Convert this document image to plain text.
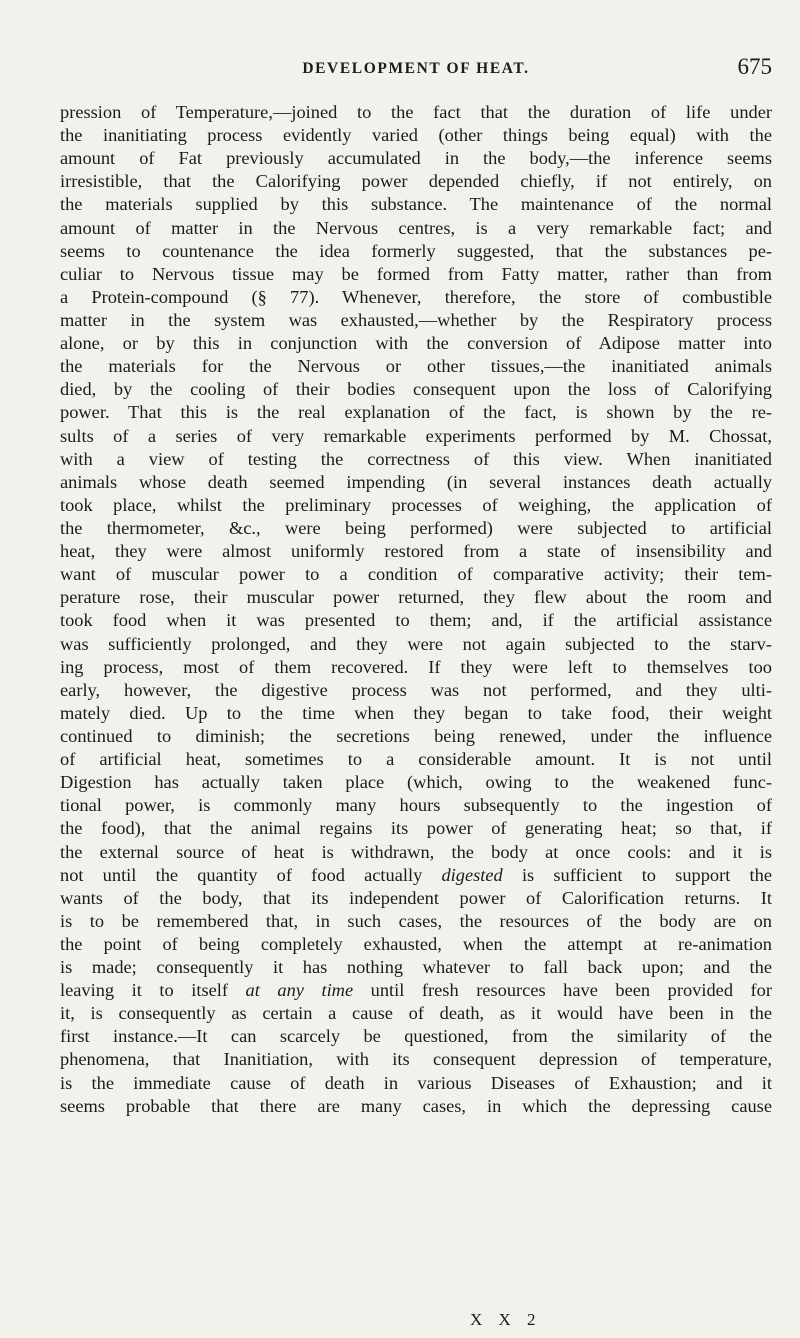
DEVELOPMENT OF HEAT.	675
pression of Temperature,—joined to the fact that the duration of life under
the inanitiating process evidently varied (other things being equal) with the
amount of Fat previously accumulated in the body,—the inference seems
irresistible, that the Calorifying power depended chiefly, if not entirely, on
the materials supplied by this substance. The maintenance of the normal
amount of matter in the Nervous centres, is a very remarkable fact; and
seems to countenance the idea formerly suggested, that the substances pe-
culiar to Nervous tissue may be formed from Fatty matter, rather than from
a Protein-compound (§ 77). Whenever, therefore, the store of combustible
matter in the system was exhausted,—whether by the Respiratory process
alone, or by this in conjunction with the conversion of Adipose matter into
the materials for the Nervous or other tissues,—the inanitiated animals
died, by the cooling of their bodies consequent upon the loss of Calorifying
power. That this is the real explanation of the fact, is shown by the re-
sults of a series of very remarkable experiments performed by M. Chossat,
with a view of testing the correctness of this view. When inanitiated
animals whose death seemed impending (in several instances death actually
took place, whilst the preliminary processes of weighing, the application of
the thermometer, &c., were being performed) were subjected to artificial
heat, they were almost uniformly restored from a state of insensibility and
want of muscular power to a condition of comparative activity; their tem-
perature rose, their muscular power returned, they flew about the room and
took food when it was presented to them; and, if the artificial assistance
was sufficiently prolonged, and they were not again subjected to the starv-
ing process, most of them recovered. If they were left to themselves too
early, however, the digestive process was not performed, and they ulti-
mately died. Up to the time when they began to take food, their weight
continued to diminish; the secretions being renewed, under the influence
of artificial heat, sometimes to a considerable amount. It is not until
Digestion has actually taken place (which, owing to the weakened func-
tional power, is commonly many hours subsequently to the ingestion of
the food), that the animal regains its power of generating heat; so that, if
the external source of heat is withdrawn, the body at once cools: and it is
not until the quantity of food actually digested is sufficient to support the
wants of the body, that its independent power of Calorification returns. It
is to be remembered that, in such cases, the resources of the body are on
the point of being completely exhausted, when the attempt at re-animation
is made; consequently it has nothing whatever to fall back upon; and the
leaving it to itself at any time until fresh resources have been provided for
it, is consequently as certain a cause of death, as it would have been in the
first instance.—It can scarcely be questioned, from the similarity of the
phenomena, that Inanitiation, with its consequent depression of temperature,
is the immediate cause of death in various Diseases of Exhaustion; and it
seems probable that there are many cases, in which the depressing cause
X X 2
